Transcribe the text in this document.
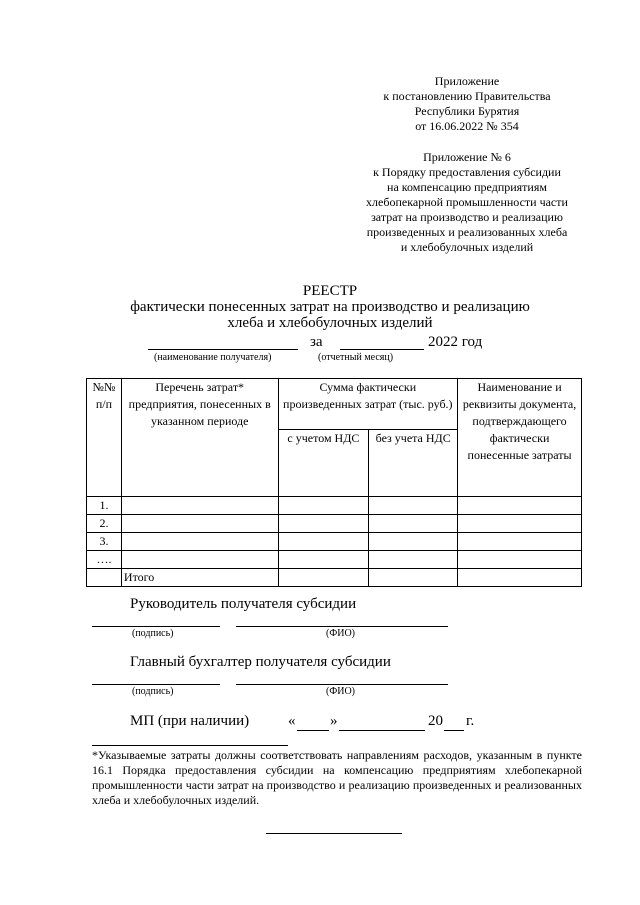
Приложение
к постановлению Правительства
Республики Бурятия
от 16.06.2022 № 354
Приложение № 6
к Порядку предоставления субсидии
на компенсацию предприятиям
хлебопекарной промышленности части
затрат на производство и реализацию
произведенных и реализованных хлеба
и хлебобулочных изделий
РЕЕСТР
фактически понесенных затрат на производство и реализацию
хлеба и хлебобулочных изделий
за	2022 год
(наименование получателя)	(отчетный месяц)
№№ п/п	Перечень затрат* предприятия, понесенных в указанном периоде	Сумма фактически произведенных затрат (тыс. руб.)		Наименование и реквизиты документа, подтверждающего фактически понесенные затраты
		с учетом НДС	без учета НДС	
1.				
2.				
3.				
….				
	Итого			
Руководитель получателя субсидии
(подпись)	(ФИО)
Главный бухгалтер получателя субсидии
(подпись)	(ФИО)
МП (при наличии)	« »	20 г.
*Указываемые затраты должны соответствовать направлениям расходов, указанным в пункте 16.1 Порядка предоставления субсидии на компенсацию предприятиям хлебопекарной промышленности части затрат на производство и реализацию произведенных и реализованных хлеба и хлебобулочных изделий.
